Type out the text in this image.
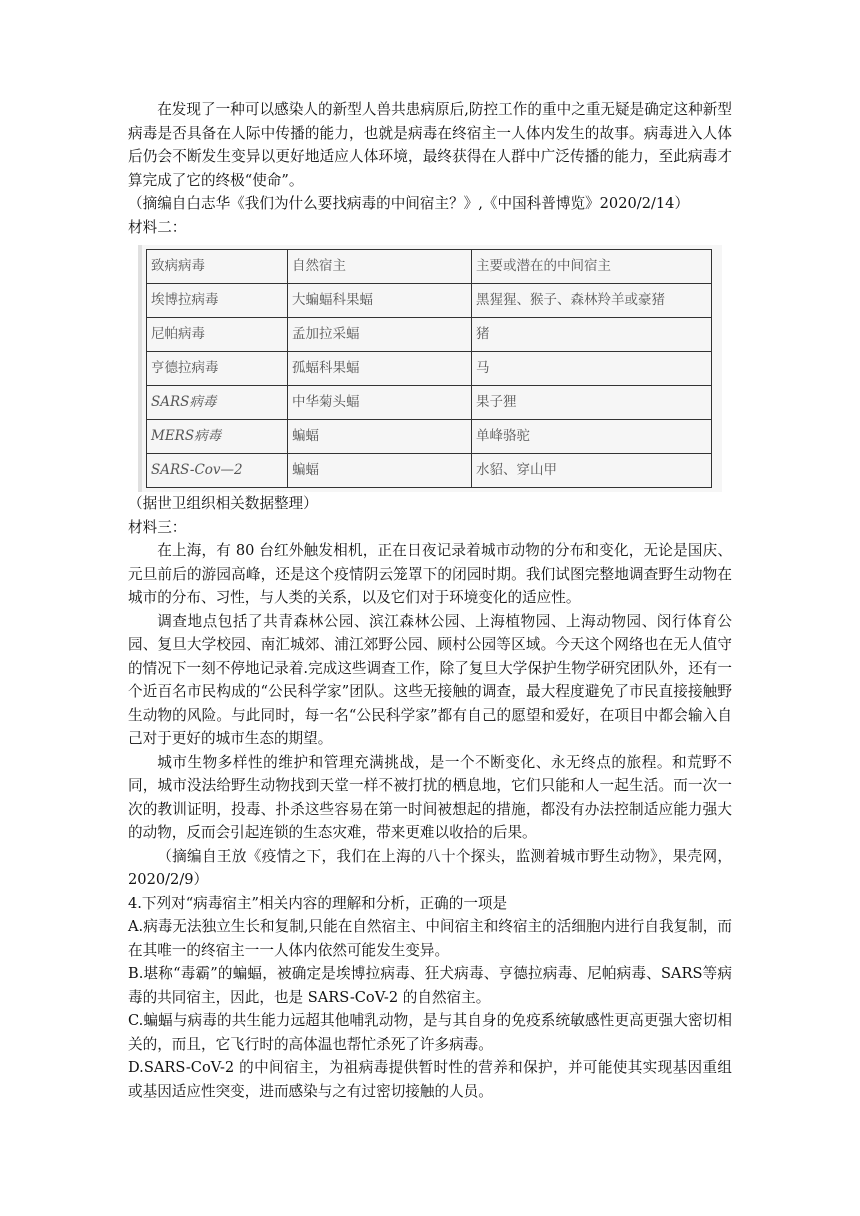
在发现了一种可以感染人的新型人兽共患病原后,防控工作的重中之重无疑是确定这种新型病毒是否具备在人际中传播的能力，也就是病毒在终宿主一人体内发生的故事。病毒进入人体后仍会不断发生变异以更好地适应人体环境，最终获得在人群中广泛传播的能力，至此病毒才算完成了它的终极“使命”。

（摘编自白志华《我们为什么要找病毒的中间宿主？》,《中国科普博览》2020/2/14）

材料二：

致病病毒	自然宿主	主要或潜在的中间宿主
埃博拉病毒	大蝙蝠科果蝠	黑猩猩、猴子、森林羚羊或豪猪
尼帕病毒	孟加拉采蝠	猪
亨德拉病毒	孤蝠科果蝠	马
SARS病毒	中华菊头蝠	果子狸
MERS病毒	蝙蝠	单峰骆驼
SARS-Cov—2	蝙蝠	水貂、穿山甲

（据世卫组织相关数据整理）

材料三：

在上海，有 80 台红外触发相机，正在日夜记录着城市动物的分布和变化，无论是国庆、元旦前后的游园高峰，还是这个疫情阴云笼罩下的闭园时期。我们试图完整地调查野生动物在城市的分布、习性，与人类的关系，以及它们对于环境变化的适应性。

调查地点包括了共青森林公园、滨江森林公园、上海植物园、上海动物园、闵行体育公园、复旦大学校园、南汇城郊、浦江郊野公园、顾村公园等区域。今天这个网络也在无人值守的情况下一刻不停地记录着.完成这些调查工作，除了复旦大学保护生物学研究团队外，还有一个近百名市民构成的“公民科学家”团队。这些无接触的调查，最大程度避免了市民直接接触野生动物的风险。与此同时，每一名“公民科学家”都有自己的愿望和爱好，在项目中都会输入自己对于更好的城市生态的期望。

城市生物多样性的维护和管理充满挑战，是一个不断变化、永无终点的旅程。和荒野不同，城市没法给野生动物找到天堂一样不被打扰的栖息地，它们只能和人一起生活。而一次一次的教训证明，投毒、扑杀这些容易在第一时间被想起的措施，都没有办法控制适应能力强大的动物，反而会引起连锁的生态灾难，带来更难以收拾的后果。

（摘编自王放《疫情之下，我们在上海的八十个探头，监测着城市野生动物》，果壳网，2020/2/9）

4.下列对“病毒宿主”相关内容的理解和分析，正确的一项是

A.病毒无法独立生长和复制,只能在自然宿主、中间宿主和终宿主的活细胞内进行自我复制，而在其唯一的终宿主一一人体内依然可能发生变异。

B.堪称“毒霸”的蝙蝠，被确定是埃博拉病毒、狂犬病毒、亨德拉病毒、尼帕病毒、SARS等病毒的共同宿主，因此，也是 SARS-CoV-2 的自然宿主。

C.蝙蝠与病毒的共生能力远超其他哺乳动物，是与其自身的免疫系统敏感性更高更强大密切相关的，而且，它飞行时的高体温也帮忙杀死了许多病毒。

D.SARS-CoV-2 的中间宿主，为祖病毒提供暂时性的营养和保护，并可能使其实现基因重组或基因适应性突变，进而感染与之有过密切接触的人员。
